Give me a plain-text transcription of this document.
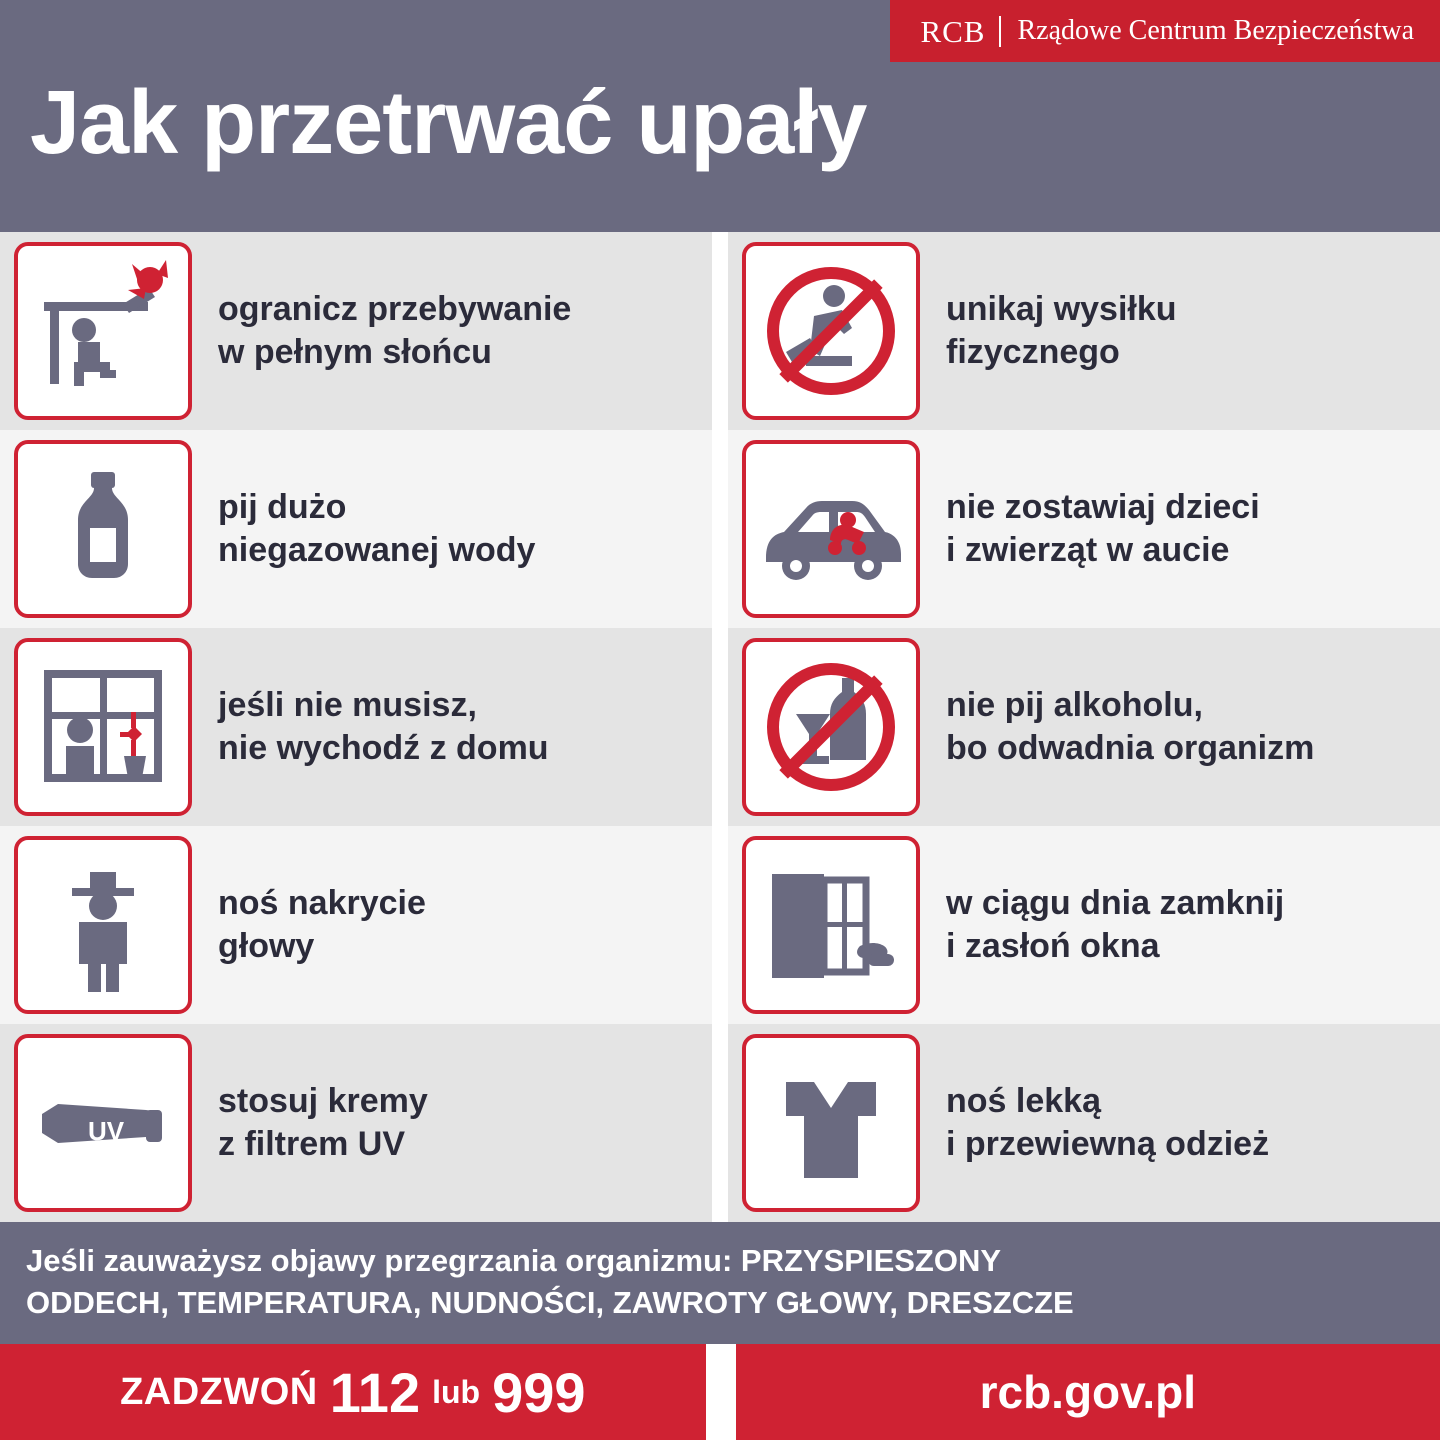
RCB	Rządowe Centrum Bezpieczeństwa
Jak przetrwać upały
ogranicz przebywanie
w pełnym słońcu
pij dużo
niegazowanej wody
jeśli nie musisz,
nie wychodź z domu
noś nakrycie
głowy
UV
stosuj kremy
z filtrem UV
unikaj wysiłku
fizycznego
nie zostawiaj dzieci
i zwierząt w aucie
nie pij alkoholu,
bo odwadnia organizm
w ciągu dnia zamknij
i zasłoń okna
noś lekką
i przewiewną odzież
Jeśli zauważysz objawy przegrzania organizmu: PRZYSPIESZONY
ODDECH, TEMPERATURA, NUDNOŚCI, ZAWROTY GŁOWY, DRESZCZE
ZADZWOŃ 112 lub 999	rcb.gov.pl
